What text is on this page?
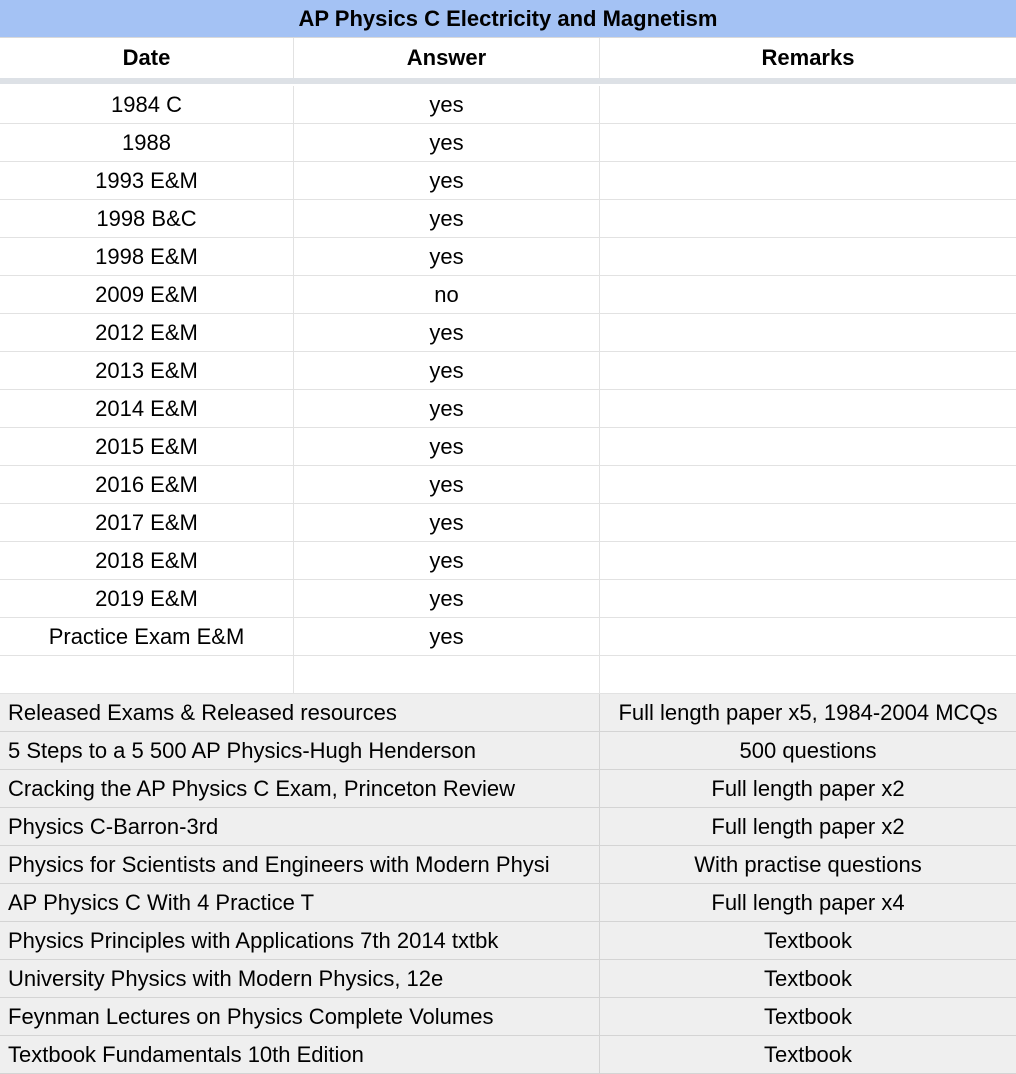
AP Physics C Electricity and Magnetism
Date	Answer	Remarks
1984 C	yes
1988	yes
1993 E&M	yes
1998 B&C	yes
1998 E&M	yes
2009 E&M	no
2012 E&M	yes
2013 E&M	yes
2014 E&M	yes
2015 E&M	yes
2016 E&M	yes
2017 E&M	yes
2018 E&M	yes
2019 E&M	yes
Practice Exam E&M	yes
Released Exams & Released resources	Full length paper x5, 1984-2004 MCQs
5 Steps to a 5 500 AP Physics-Hugh Henderson	500 questions
Cracking the AP Physics C Exam, Princeton Review	Full length paper x2
Physics C-Barron-3rd	Full length paper x2
Physics for Scientists and Engineers with Modern Physi	With practise questions
AP Physics C With 4 Practice T	Full length paper x4
Physics Principles with Applications 7th 2014 txtbk	Textbook
University Physics with Modern Physics, 12e	Textbook
Feynman Lectures on Physics Complete Volumes	Textbook
Textbook Fundamentals 10th Edition	Textbook
